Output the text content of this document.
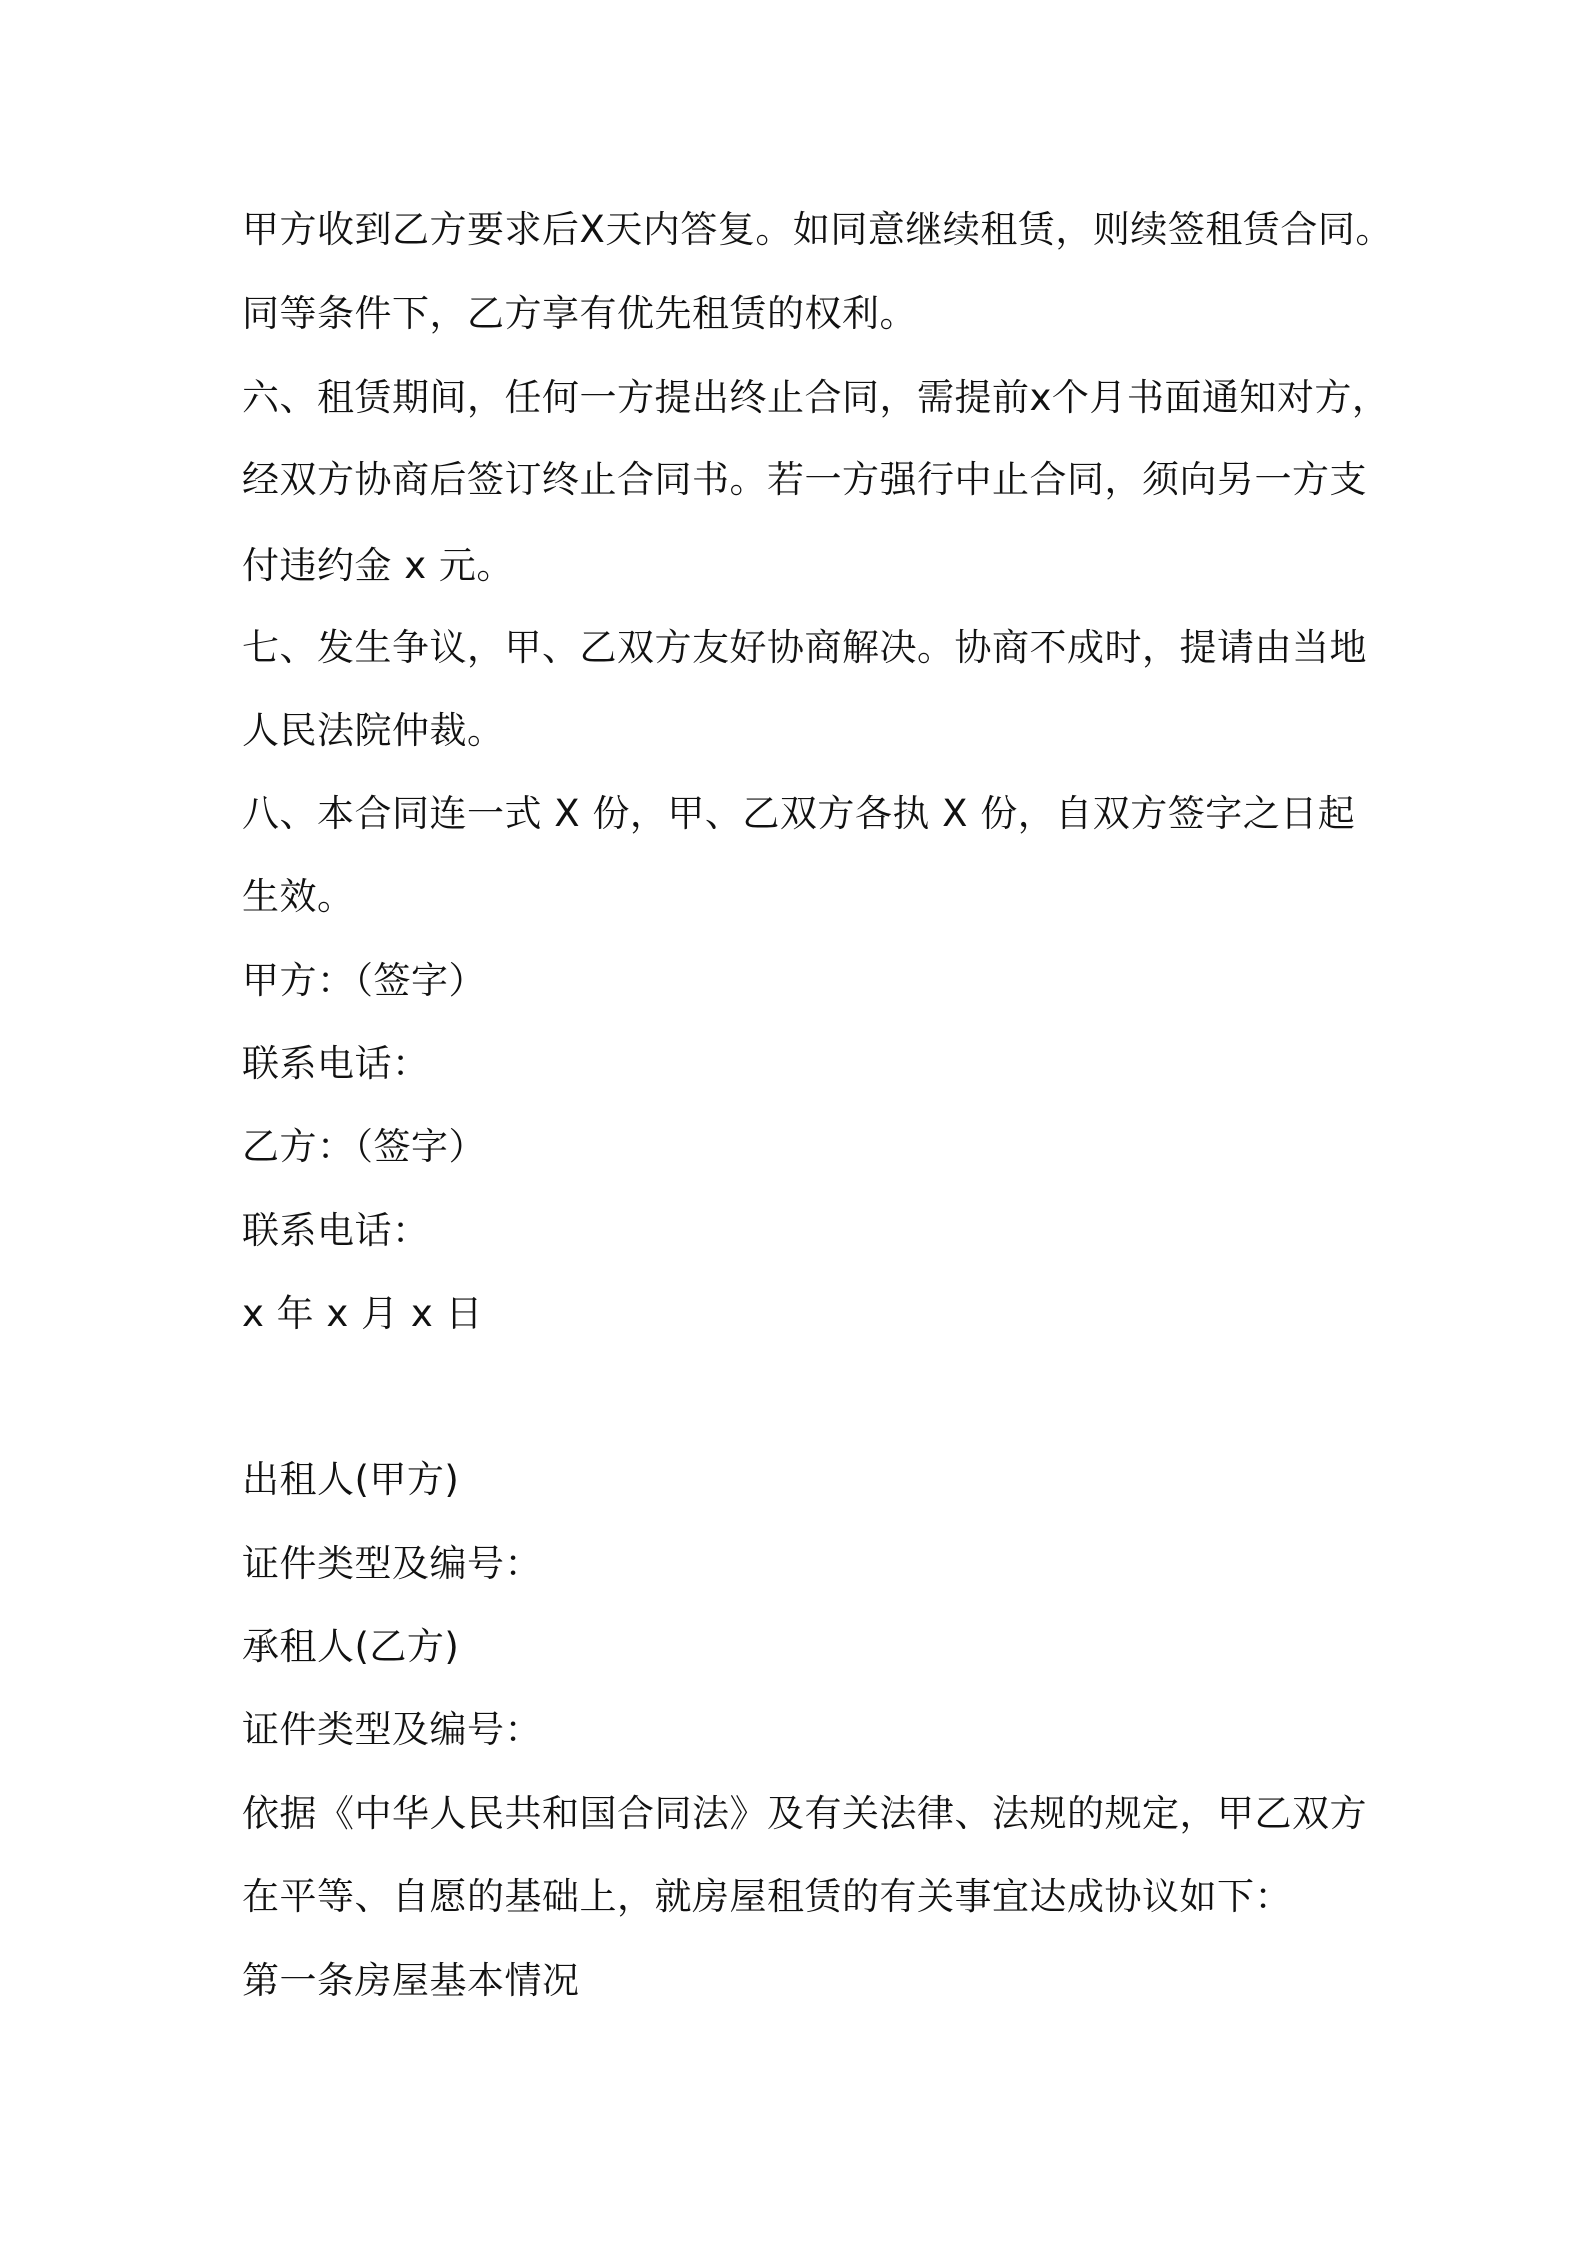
甲方收到乙方要求后X天内答复。如同意继续租赁，则续签租赁合同。

同等条件下，乙方享有优先租赁的权利。

六、租赁期间，任何一方提出终止合同，需提前x个月书面通知对方，

经双方协商后签订终止合同书。若一方强行中止合同，须向另一方支

付违约金 x 元。

七、发生争议，甲、乙双方友好协商解决。协商不成时，提请由当地

人民法院仲裁。

八、本合同连一式 X 份，甲、乙双方各执 X 份，自双方签字之日起

生效。

甲方：（签字）

联系电话：

乙方：（签字）

联系电话：

x 年 x 月 x 日

出租人(甲方)

证件类型及编号：

承租人(乙方)

证件类型及编号：

依据《中华人民共和国合同法》及有关法律、法规的规定，甲乙双方

在平等、自愿的基础上，就房屋租赁的有关事宜达成协议如下：

第一条房屋基本情况
